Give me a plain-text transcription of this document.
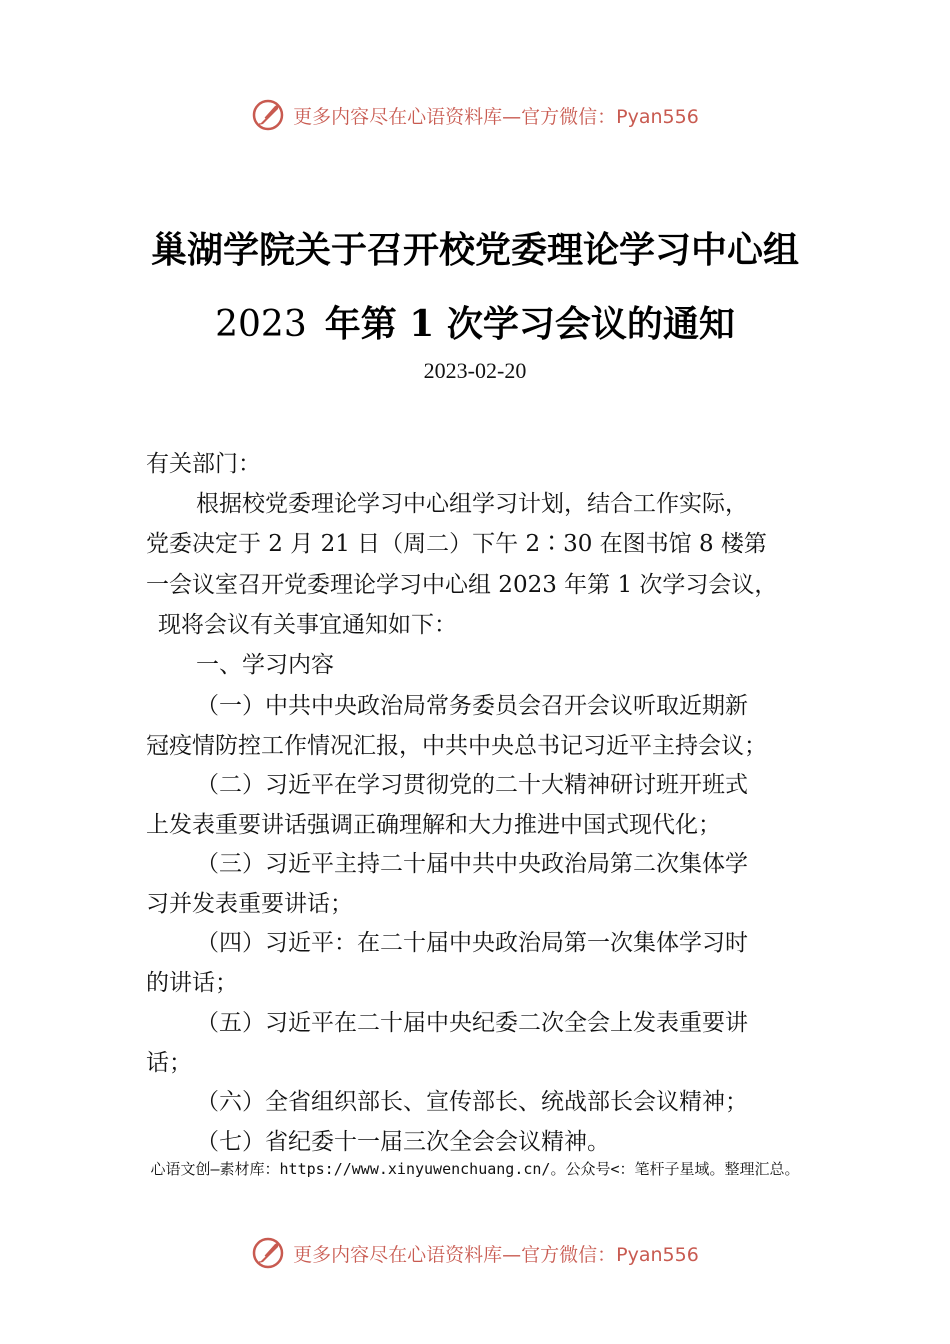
更多内容尽在心语资料库—官方微信：Pyan556
巢湖学院关于召开校党委理论学习中心组
2023 年第 1 次学习会议的通知
2023-02-20
有关部门：
根据校党委理论学习中心组学习计划，结合工作实际，
党委决定于 2 月 21 日（周二）下午 2∶30 在图书馆 8 楼第
一会议室召开党委理论学习中心组 2023 年第 1 次学习会议，
现将会议有关事宜通知如下：
一、学习内容
（一）中共中央政治局常务委员会召开会议听取近期新
冠疫情防控工作情况汇报，中共中央总书记习近平主持会议；
（二）习近平在学习贯彻党的二十大精神研讨班开班式
上发表重要讲话强调正确理解和大力推进中国式现代化；
（三）习近平主持二十届中共中央政治局第二次集体学
习并发表重要讲话；
（四）习近平：在二十届中央政治局第一次集体学习时
的讲话；
（五）习近平在二十届中央纪委二次全会上发表重要讲
话；
（六）全省组织部长、宣传部长、统战部长会议精神；
（七）省纪委十一届三次全会会议精神。
心语文创—素材库：https://www.xinyuwenchuang.cn/。公众号<：笔杆子星域。整理汇总。
更多内容尽在心语资料库—官方微信：Pyan556
